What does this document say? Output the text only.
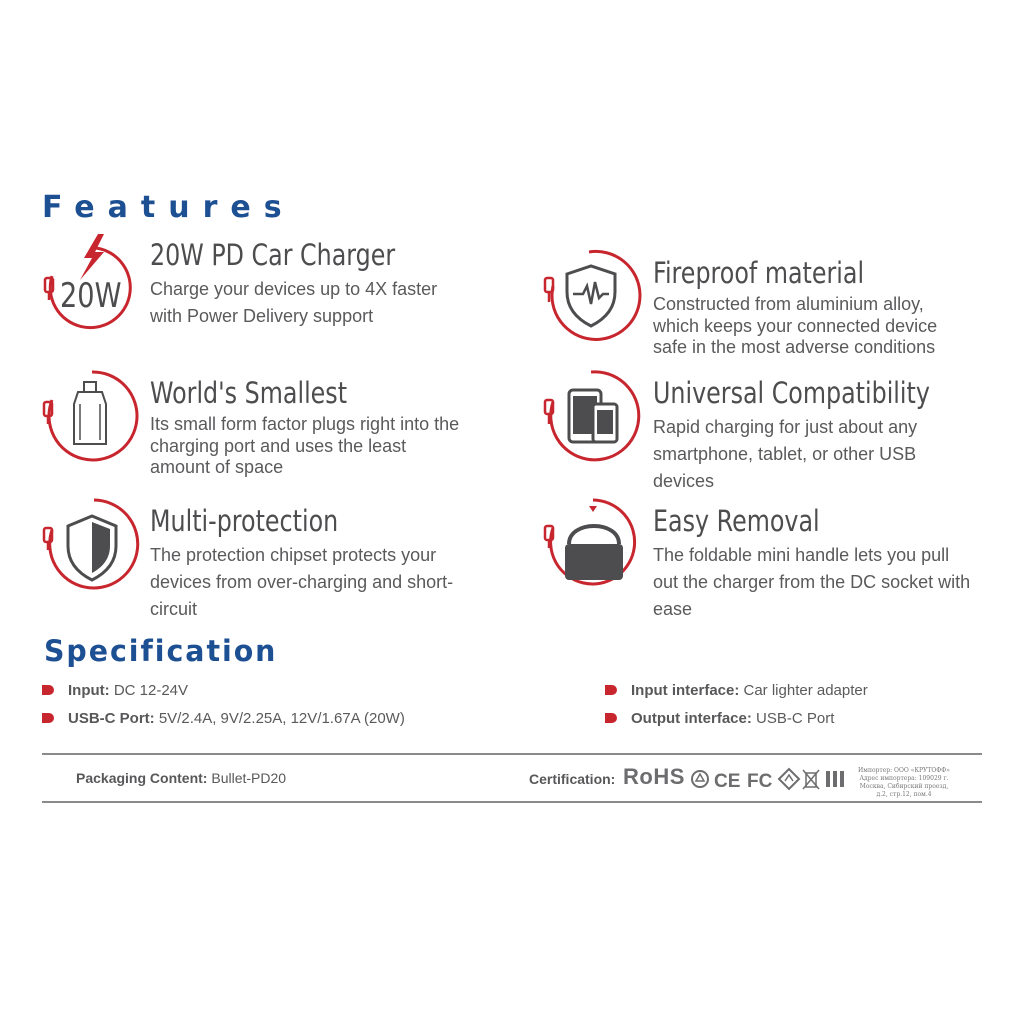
Features
20W
20W PD Car Charger
Charge your devices up to 4X faster with Power Delivery support
Fireproof material
Constructed from aluminium alloy, which keeps your connected device safe in the most adverse conditions
World's Smallest
Its small form factor plugs right into the charging port and uses the least amount of space
Universal Compatibility
Rapid charging for just about any smartphone, tablet, or other USB devices
Multi-protection
The protection chipset protects your devices from over-charging and short-circuit
Easy Removal
The foldable mini handle lets you pull out the charger from the DC socket with ease
Specification
Input: DC 12-24V
USB-C Port: 5V/2.4A, 9V/2.25A, 12V/1.67A (20W)
Input interface: Car lighter adapter
Output interface: USB-C Port
Packaging Content: Bullet-PD20	Certification: RoHS CE FC
Импортер: ООО «КРУТОФФ» Адрес импортера: 109029 г. Москва, Сибирский проезд, д.2, стр.12, пом.4
